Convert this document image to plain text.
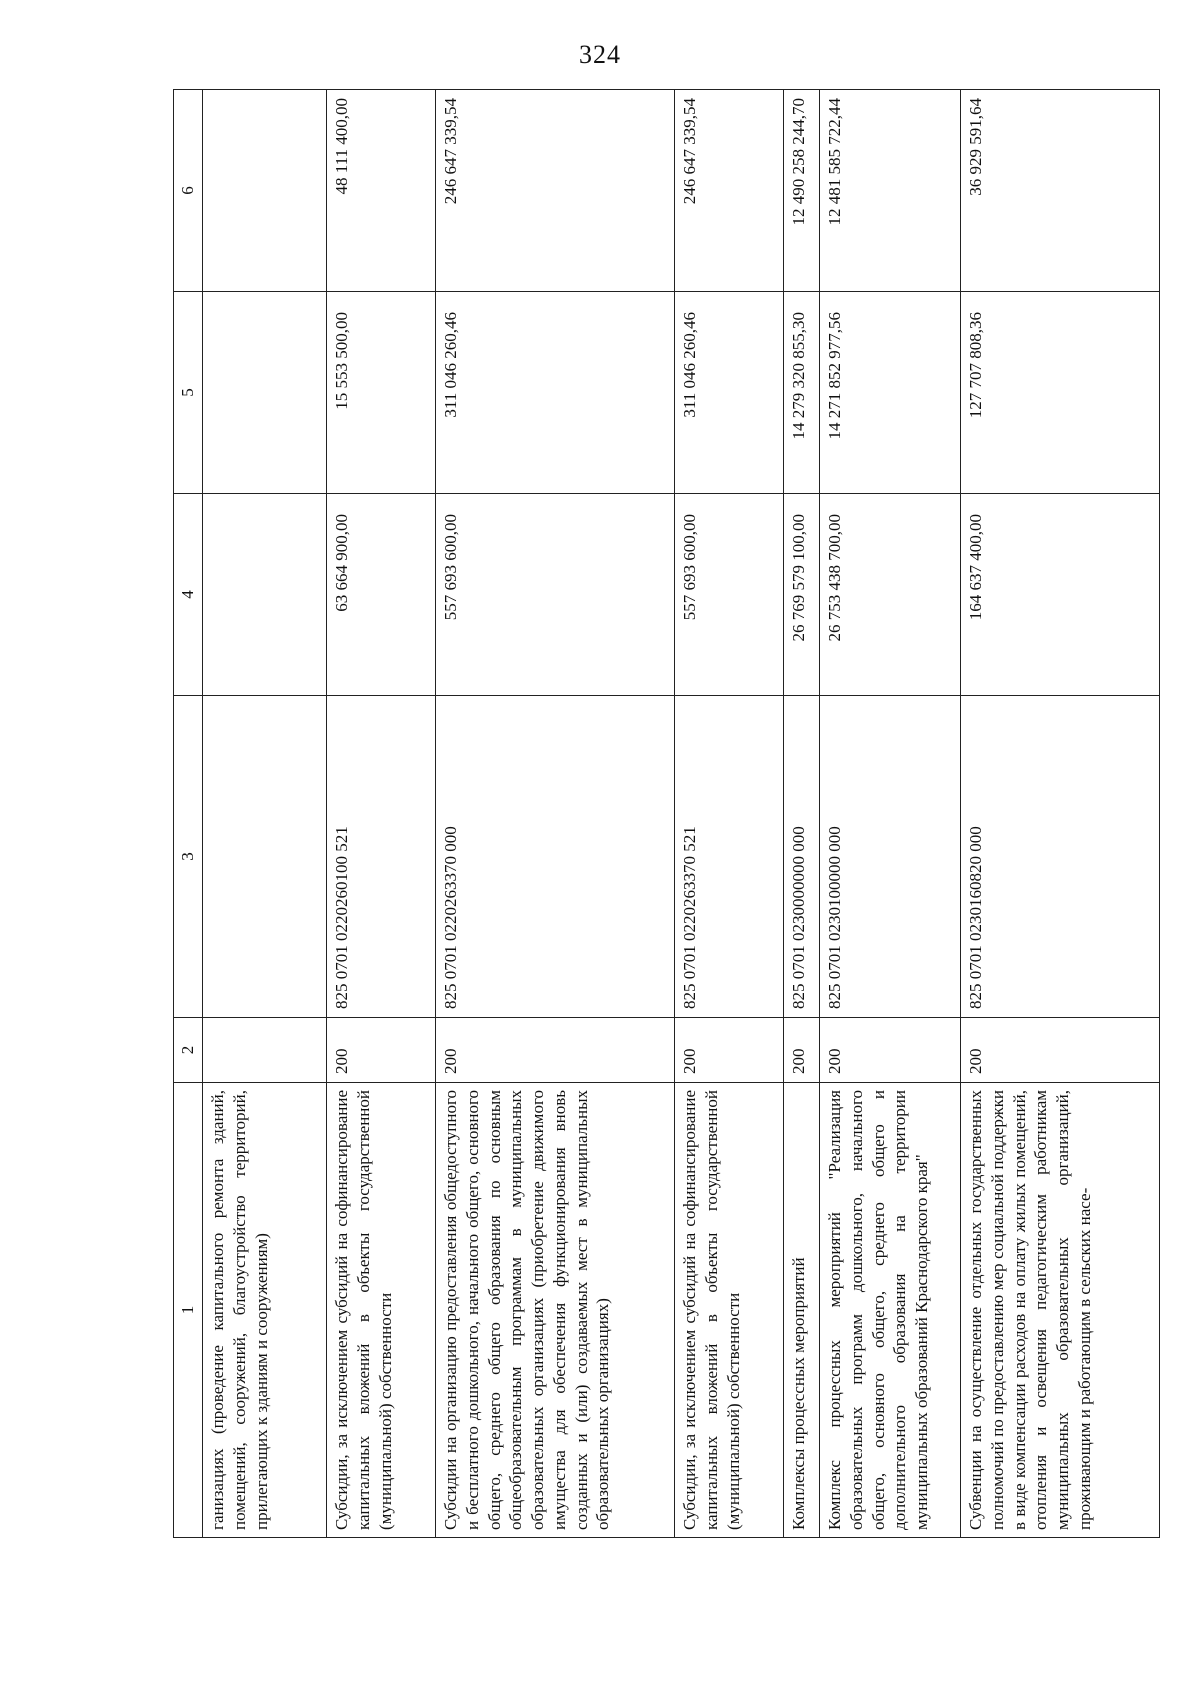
324
1	2	3	4	5	6
ганизациях (проведение капитального ремонта зданий, помещений, сооружений, благоустройство территорий, прилегающих к зданиям и сооружениям)					
Субсидии, за исключением субсидий на софинансирование капитальных вложений в объекты государственной (муниципальной) собственности	200	825 0701 0220260100 521	63 664 900,00	15 553 500,00	48 111 400,00
Субсидии на организацию предоставления общедоступного и бесплатного дошкольного, начального общего, основного общего, среднего общего образования по основным общеобразовательным программам в муниципальных образовательных организациях (приобретение движимого имущества для обеспечения функционирования вновь созданных и (или) создаваемых мест в муниципальных образовательных организациях)	200	825 0701 0220263370 000	557 693 600,00	311 046 260,46	246 647 339,54
Субсидии, за исключением субсидий на софинансирование капитальных вложений в объекты государственной (муниципальной) собственности	200	825 0701 0220263370 521	557 693 600,00	311 046 260,46	246 647 339,54
Комплексы процессных мероприятий	200	825 0701 0230000000 000	26 769 579 100,00	14 279 320 855,30	12 490 258 244,70
Комплекс процессных мероприятий "Реализация образовательных программ дошкольного, начального общего, основного общего, среднего общего и дополнительного образования на территории муниципальных образований Краснодарского края"	200	825 0701 0230100000 000	26 753 438 700,00	14 271 852 977,56	12 481 585 722,44
Субвенции на осуществление отдельных государственных полномочий по предоставлению мер социальной поддержки в виде компенсации расходов на оплату жилых помещений, отопления и освещения педагогическим работникам муниципальных образовательных организаций, проживающим и работающим в сельских насе-	200	825 0701 0230160820 000	164 637 400,00	127 707 808,36	36 929 591,64
